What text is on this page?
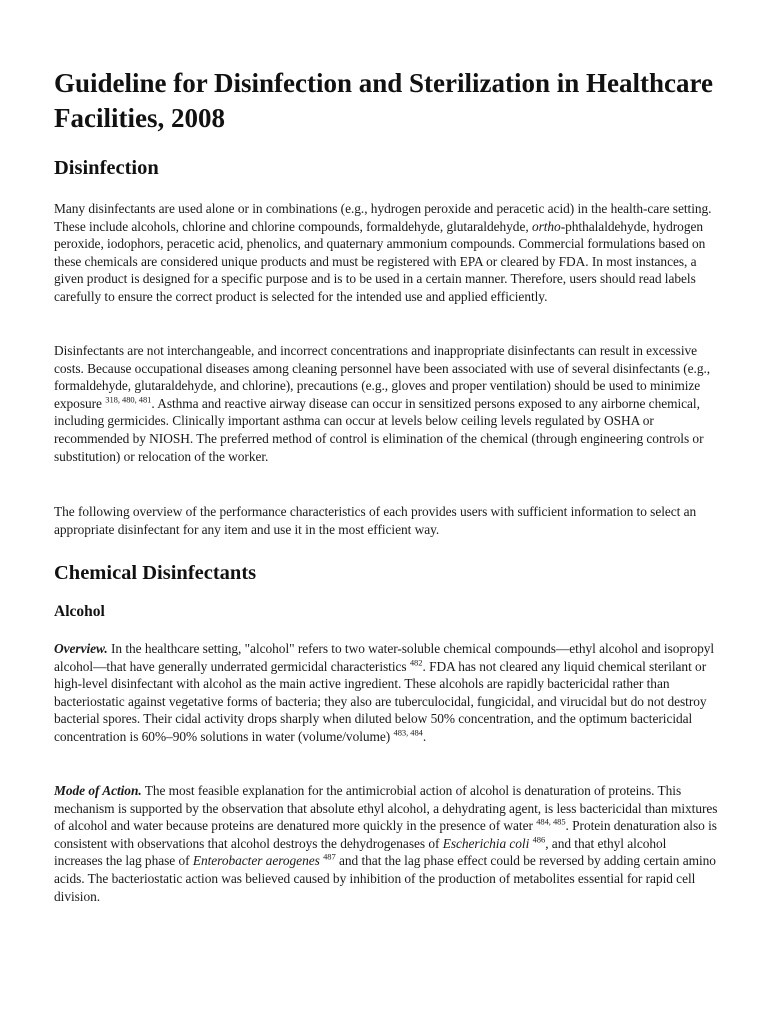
Guideline for Disinfection and Sterilization in Healthcare Facilities, 2008
Disinfection

Many disinfectants are used alone or in combinations (e.g., hydrogen peroxide and peracetic acid) in the health-care setting. These include alcohols, chlorine and chlorine compounds, formaldehyde, glutaraldehyde, ortho-phthalaldehyde, hydrogen peroxide, iodophors, peracetic acid, phenolics, and quaternary ammonium compounds. Commercial formulations based on these chemicals are considered unique products and must be registered with EPA or cleared by FDA. In most instances, a given product is designed for a specific purpose and is to be used in a certain manner. Therefore, users should read labels carefully to ensure the correct product is selected for the intended use and applied efficiently.

Disinfectants are not interchangeable, and incorrect concentrations and inappropriate disinfectants can result in excessive costs. Because occupational diseases among cleaning personnel have been associated with use of several disinfectants (e.g., formaldehyde, glutaraldehyde, and chlorine), precautions (e.g., gloves and proper ventilation) should be used to minimize exposure $^{318, 480, 481}$. Asthma and reactive airway disease can occur in sensitized persons exposed to any airborne chemical, including germicides. Clinically important asthma can occur at levels below ceiling levels regulated by OSHA or recommended by NIOSH. The preferred method of control is elimination of the chemical (through engineering controls or substitution) or relocation of the worker.

The following overview of the performance characteristics of each provides users with sufficient information to select an appropriate disinfectant for any item and use it in the most efficient way.

Chemical Disinfectants
Alcohol

Overview. In the healthcare setting, "alcohol" refers to two water-soluble chemical compounds—ethyl alcohol and isopropyl alcohol—that have generally underrated germicidal characteristics $^{482}$. FDA has not cleared any liquid chemical sterilant or high-level disinfectant with alcohol as the main active ingredient. These alcohols are rapidly bactericidal rather than bacteriostatic against vegetative forms of bacteria; they also are tuberculocidal, fungicidal, and virucidal but do not destroy bacterial spores. Their cidal activity drops sharply when diluted below 50% concentration, and the optimum bactericidal concentration is 60%–90% solutions in water (volume/volume) $^{483, 484}$.

Mode of Action. The most feasible explanation for the antimicrobial action of alcohol is denaturation of proteins. This mechanism is supported by the observation that absolute ethyl alcohol, a dehydrating agent, is less bactericidal than mixtures of alcohol and water because proteins are denatured more quickly in the presence of water $^{484, 485}$. Protein denaturation also is consistent with observations that alcohol destroys the dehydrogenases of Escherichia coli $^{486}$, and that ethyl alcohol increases the lag phase of Enterobacter aerogenes $^{487}$ and that the lag phase effect could be reversed by adding certain amino acids. The bacteriostatic action was believed caused by inhibition of the production of metabolites essential for rapid cell division.
